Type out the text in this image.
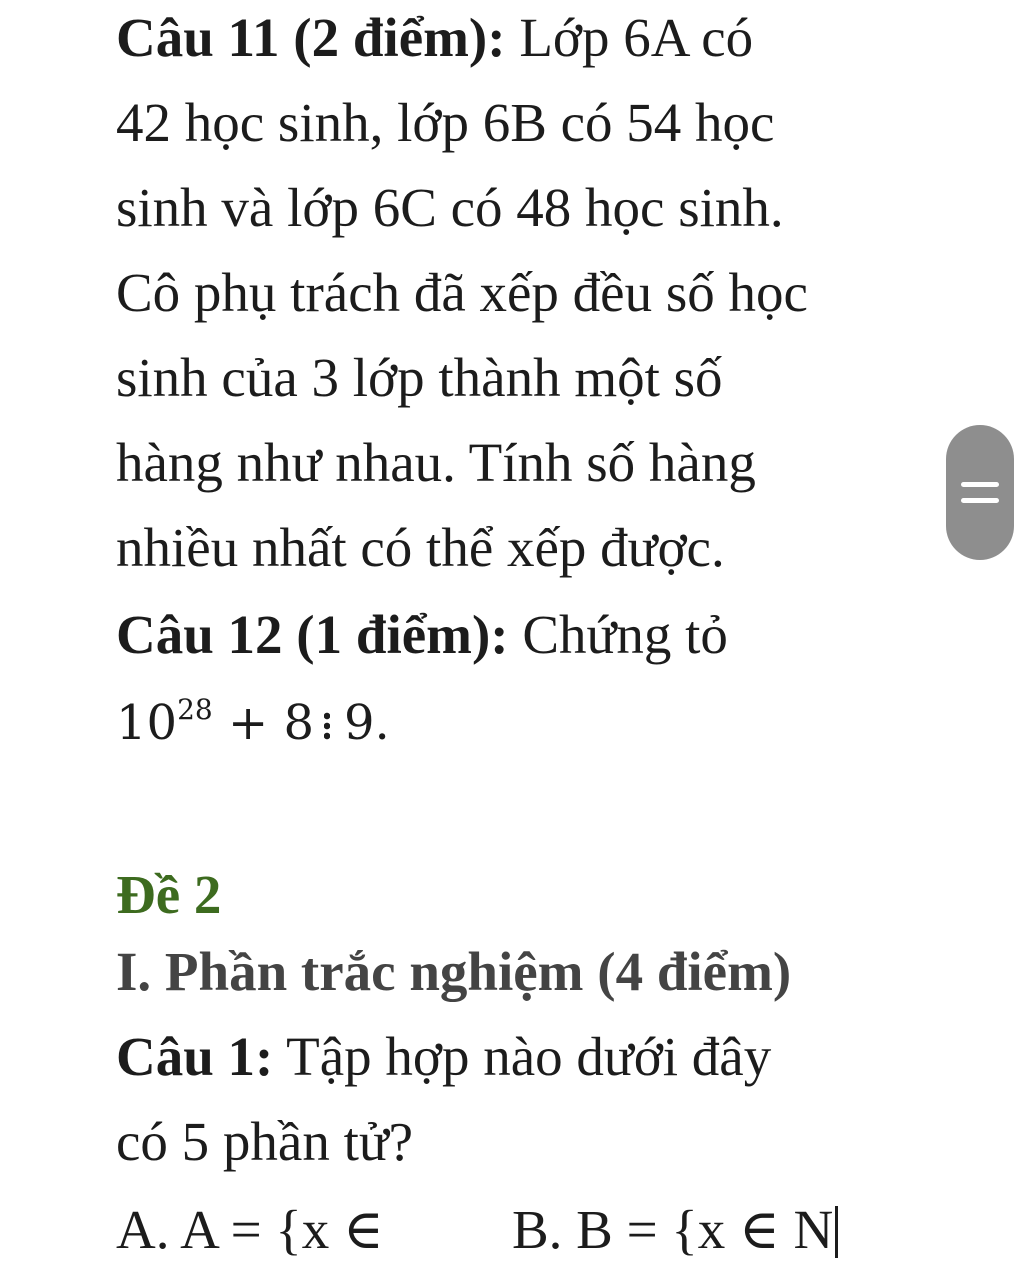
Câu 11 (2 điểm): Lớp 6A có
42 học sinh, lớp 6B có 54 học
sinh và lớp 6C có 48 học sinh.
Cô phụ trách đã xếp đều số học
sinh của 3 lớp thành một số
hàng như nhau. Tính số hàng
nhiều nhất có thể xếp được.
Câu 12 (1 điểm): Chứng tỏ
$10^{28} + 8$ 9.
Đề 2
I. Phần trắc nghiệm (4 điểm)
Câu 1: Tập hợp nào dưới đây
có 5 phần tử?
A. A = {x ∈ B. B = {x ∈ N
